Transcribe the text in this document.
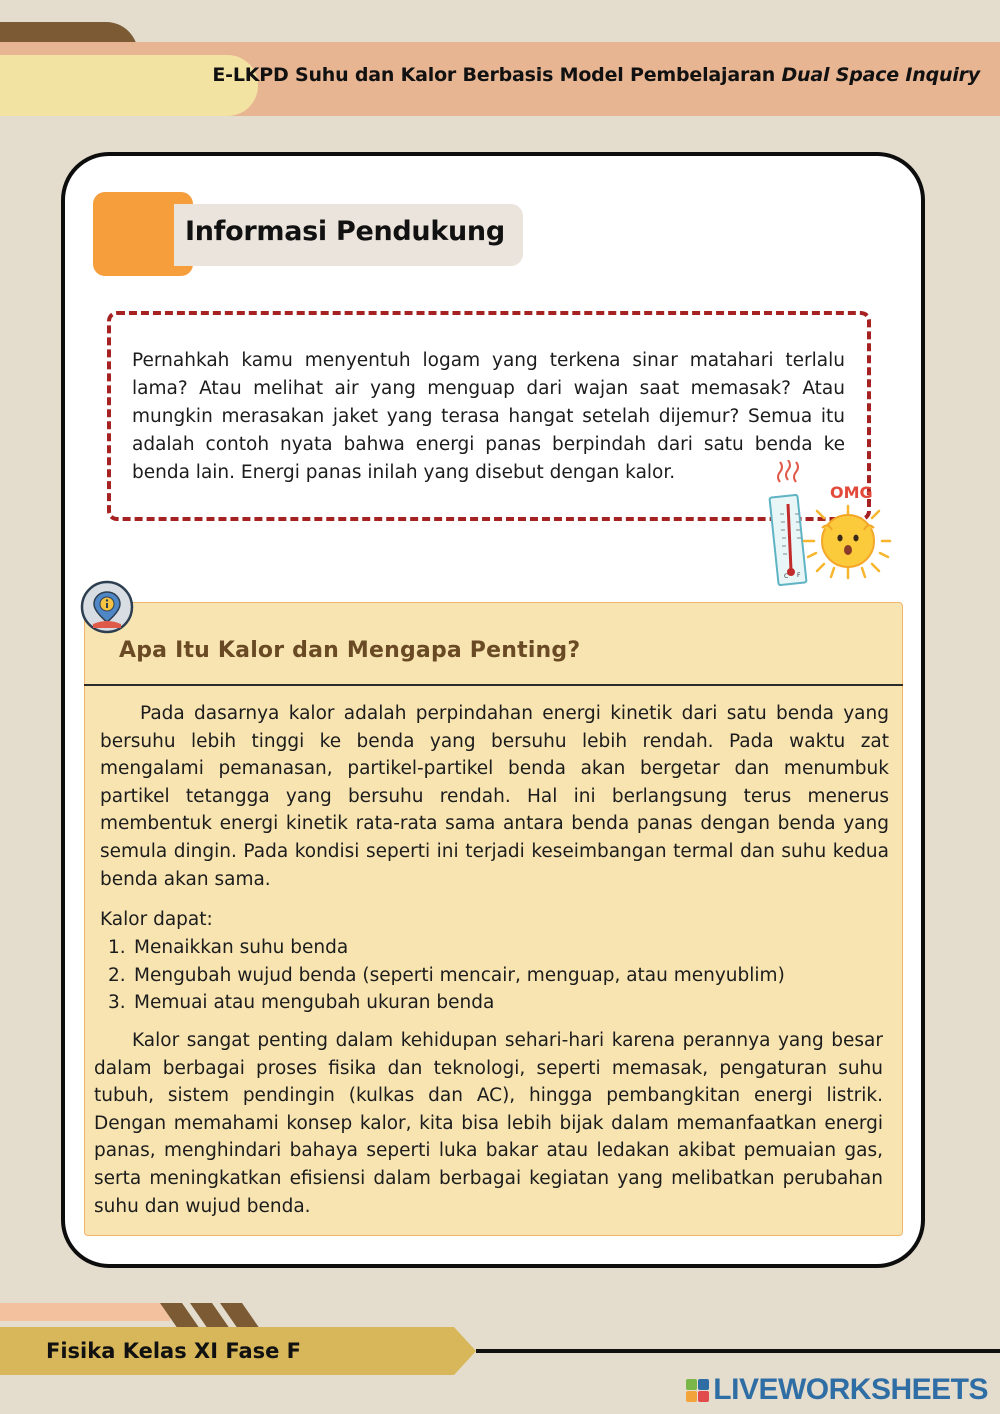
E-LKPD Suhu dan Kalor Berbasis Model Pembelajaran Dual Space Inquiry
Informasi Pendukung

Pernahkah kamu menyentuh logam yang terkena sinar matahari terlalu lama? Atau melihat air yang menguap dari wajan saat memasak? Atau mungkin merasakan jaket yang terasa hangat setelah dijemur? Semua itu adalah contoh nyata bahwa energi panas berpindah dari satu benda ke benda lain. Energi panas inilah yang disebut dengan kalor.

C F
OMG
Apa Itu Kalor dan Mengapa Penting?

Pada dasarnya kalor adalah perpindahan energi kinetik dari satu benda yang bersuhu lebih tinggi ke benda yang bersuhu lebih rendah. Pada waktu zat mengalami pemanasan, partikel-partikel benda akan bergetar dan menumbuk partikel tetangga yang bersuhu rendah. Hal ini berlangsung terus menerus membentuk energi kinetik rata-rata sama antara benda panas dengan benda yang semula dingin. Pada kondisi seperti ini terjadi keseimbangan termal dan suhu kedua benda akan sama.

Kalor dapat:
1. Menaikkan suhu benda
2. Mengubah wujud benda (seperti mencair, menguap, atau menyublim)
3. Memuai atau mengubah ukuran benda

Kalor sangat penting dalam kehidupan sehari-hari karena perannya yang besar dalam berbagai proses fisika dan teknologi, seperti memasak, pengaturan suhu tubuh, sistem pendingin (kulkas dan AC), hingga pembangkitan energi listrik. Dengan memahami konsep kalor, kita bisa lebih bijak dalam memanfaatkan energi panas, menghindari bahaya seperti luka bakar atau ledakan akibat pemuaian gas, serta meningkatkan efisiensi dalam berbagai kegiatan yang melibatkan perubahan suhu dan wujud benda.

Fisika Kelas XI Fase F
LIVEWORKSHEETS
